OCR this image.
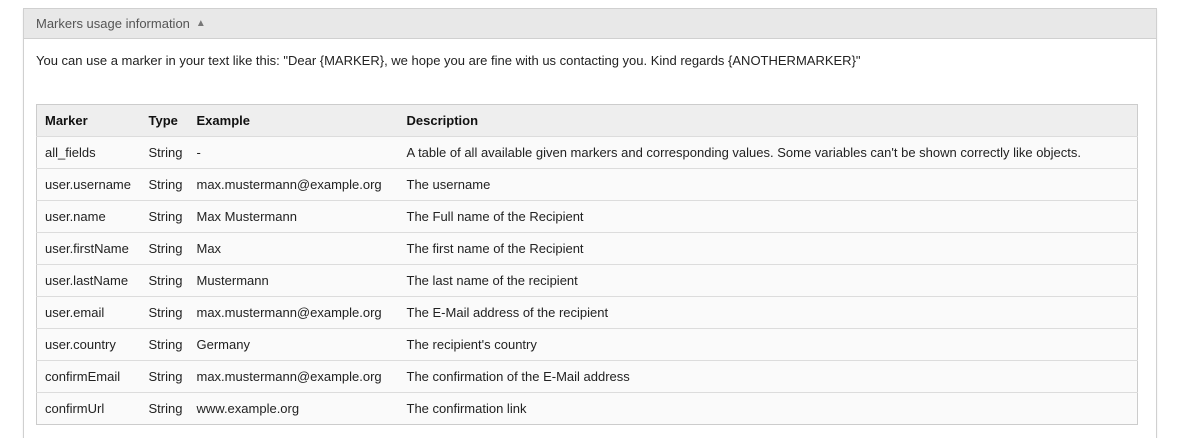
Markers usage information ▲

You can use a marker in your text like this: "Dear {MARKER}, we hope you are fine with us contacting you. Kind regards {ANOTHERMARKER}"

Marker	Type	Example	Description
all_fields	String	-	A table of all available given markers and corresponding values. Some variables can't be shown correctly like objects.
user.username	String	max.mustermann@example.org	The username
user.name	String	Max Mustermann	The Full name of the Recipient
user.firstName	String	Max	The first name of the Recipient
user.lastName	String	Mustermann	The last name of the recipient
user.email	String	max.mustermann@example.org	The E-Mail address of the recipient
user.country	String	Germany	The recipient's country
confirmEmail	String	max.mustermann@example.org	The confirmation of the E-Mail address
confirmUrl	String	www.example.org	The confirmation link
